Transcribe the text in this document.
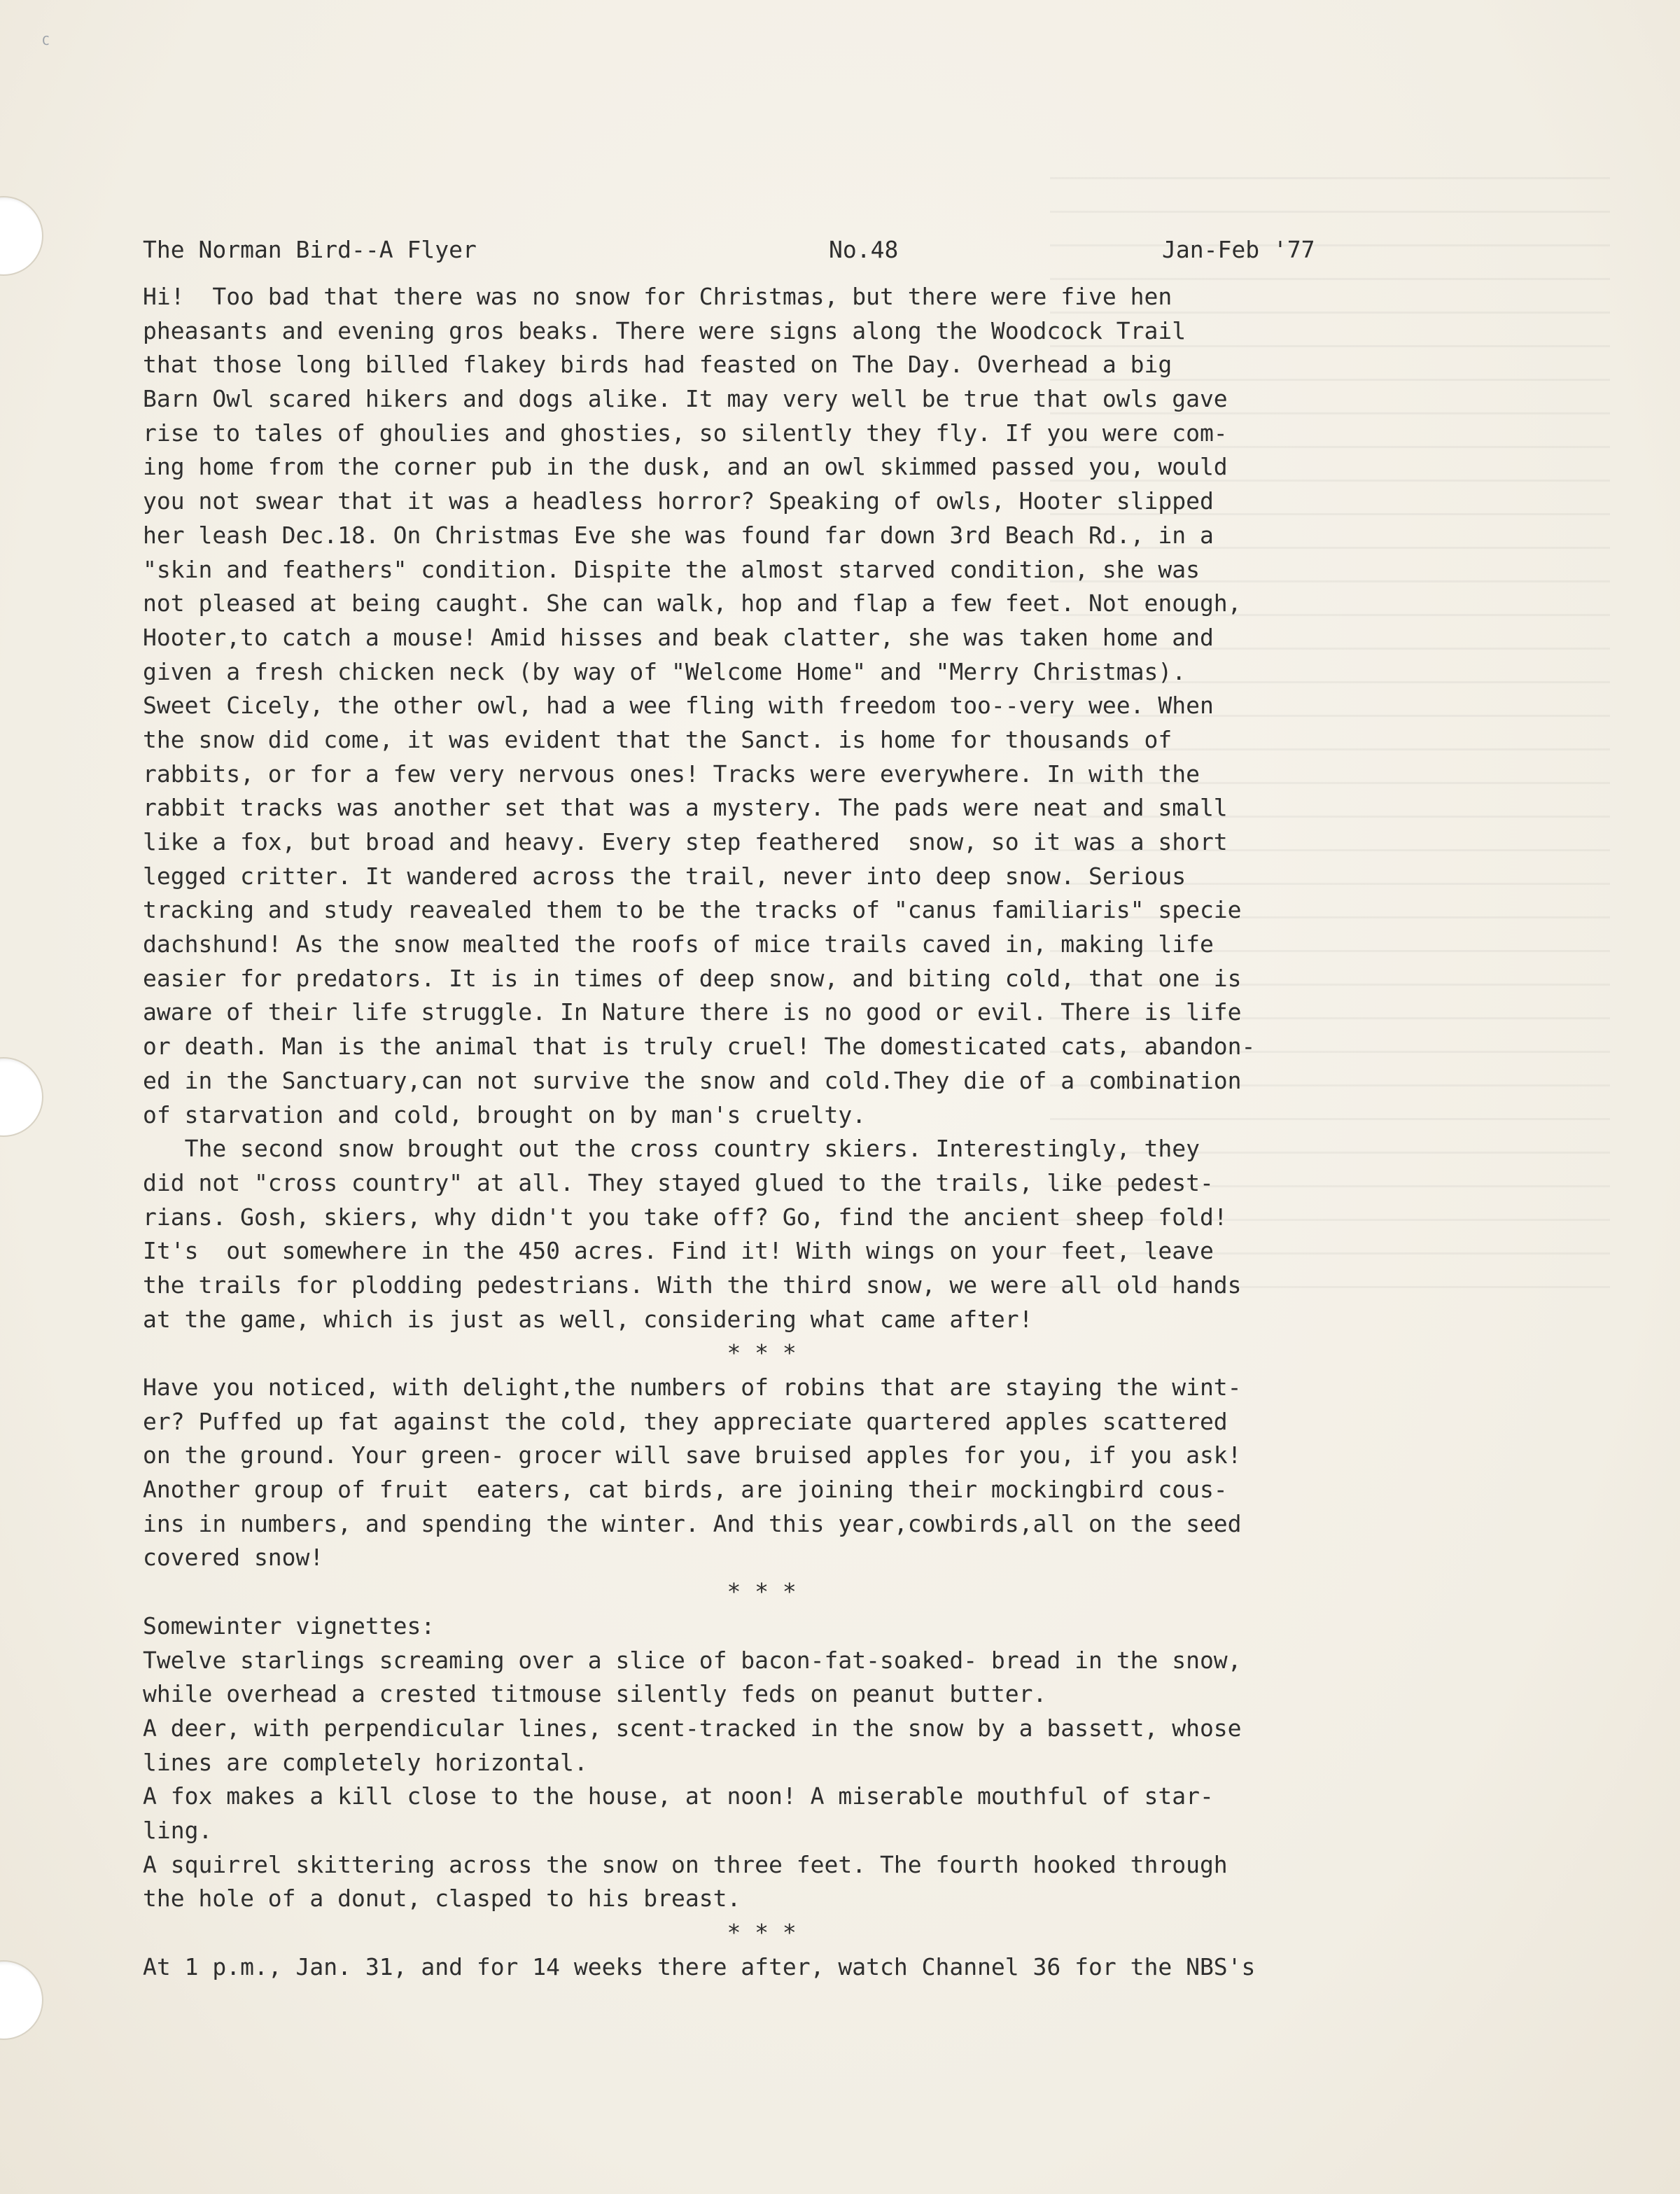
C
The Norman Bird--A Flyer	No.48	Jan-Feb '77
Hi!  Too bad that there was no snow for Christmas, but there were five hen
pheasants and evening gros beaks. There were signs along the Woodcock Trail
that those long billed flakey birds had feasted on The Day. Overhead a big
Barn Owl scared hikers and dogs alike. It may very well be true that owls gave
rise to tales of ghoulies and ghosties, so silently they fly. If you were com-
ing home from the corner pub in the dusk, and an owl skimmed passed you, would
you not swear that it was a headless horror? Speaking of owls, Hooter slipped
her leash Dec.18. On Christmas Eve she was found far down 3rd Beach Rd., in a
"skin and feathers" condition. Dispite the almost starved condition, she was
not pleased at being caught. She can walk, hop and flap a few feet. Not enough,
Hooter,to catch a mouse! Amid hisses and beak clatter, she was taken home and
given a fresh chicken neck (by way of "Welcome Home" and "Merry Christmas).
Sweet Cicely, the other owl, had a wee fling with freedom too--very wee. When
the snow did come, it was evident that the Sanct. is home for thousands of
rabbits, or for a few very nervous ones! Tracks were everywhere. In with the
rabbit tracks was another set that was a mystery. The pads were neat and small
like a fox, but broad and heavy. Every step feathered  snow, so it was a short
legged critter. It wandered across the trail, never into deep snow. Serious
tracking and study reavealed them to be the tracks of "canus familiaris" specie
dachshund! As the snow mealted the roofs of mice trails caved in, making life
easier for predators. It is in times of deep snow, and biting cold, that one is
aware of their life struggle. In Nature there is no good or evil. There is life
or death. Man is the animal that is truly cruel! The domesticated cats, abandon-
ed in the Sanctuary,can not survive the snow and cold.They die of a combination
of starvation and cold, brought on by man's cruelty.
The second snow brought out the cross country skiers. Interestingly, they
did not "cross country" at all. They stayed glued to the trails, like pedest-
rians. Gosh, skiers, why didn't you take off? Go, find the ancient sheep fold!
It's  out somewhere in the 450 acres. Find it! With wings on your feet, leave
the trails for plodding pedestrians. With the third snow, we were all old hands
at the game, which is just as well, considering what came after!
* * *
Have you noticed, with delight,the numbers of robins that are staying the wint-
er? Puffed up fat against the cold, they appreciate quartered apples scattered
on the ground. Your green- grocer will save bruised apples for you, if you ask!
Another group of fruit  eaters, cat birds, are joining their mockingbird cous-
ins in numbers, and spending the winter. And this year,cowbirds,all on the seed
covered snow!
* * *
Somewinter vignettes:
Twelve starlings screaming over a slice of bacon-fat-soaked- bread in the snow,
while overhead a crested titmouse silently feds on peanut butter.
A deer, with perpendicular lines, scent-tracked in the snow by a bassett, whose
lines are completely horizontal.
A fox makes a kill close to the house, at noon! A miserable mouthful of star-
ling.
A squirrel skittering across the snow on three feet. The fourth hooked through
the hole of a donut, clasped to his breast.
* * *
At 1 p.m., Jan. 31, and for 14 weeks there after, watch Channel 36 for the NBS's
